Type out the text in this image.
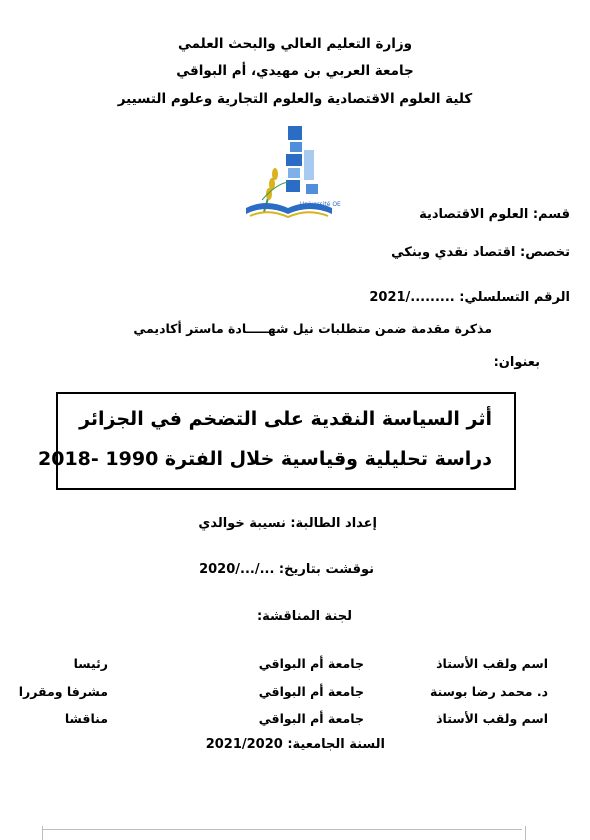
وزارة التعليم العالي والبحث العلمي
جامعة العربي بن مهيدي، أم البواقي
كلية العلوم الاقتصادية والعلوم التجارية وعلوم التسيير
Université OEB
قسم: العلوم الاقتصادية
تخصص: اقتصاد نقدي وبنكي
الرقم التسلسلي: ........./2021
مذكرة مقدمة ضمن متطلبات نيل شهـــــادة ماستر أكاديمي
بعنوان:
أثر السياسة النقدية على التضخم في الجزائر
دراسة تحليلية وقياسية خلال الفترة 1990 -2018
إعداد الطالبة: نسيبة خوالدي
نوقشت بتاريخ: .../.../2020
لجنة المناقشة:
اسم ولقب الأستاذ
جامعة أم البواقي
رئيسا
د. محمد رضا بوسنة
جامعة أم البواقي
مشرفا ومقررا
اسم ولقب الأستاذ
جامعة أم البواقي
مناقشا
السنة الجامعية: 2021/2020
